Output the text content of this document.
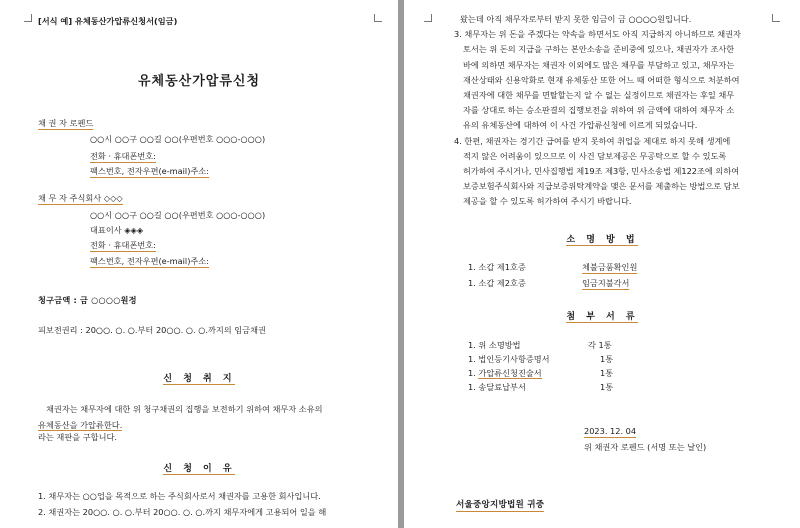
[서식 예] 유체동산가압류신청서(임금)
유체동산가압류신청
채 권 자 로펜드
○○시 ○○구 ○○길 ○○(우편번호 ○○○-○○○)
전화 · 휴대폰번호:
팩스번호, 전자우편(e-mail)주소:
채 무 자 주식회사 ◇◇◇
○○시 ○○구 ○○길 ○○(우편번호 ○○○-○○○)
대표이사 ◈◈◈
전화 · 휴대폰번호:
팩스번호, 전자우편(e-mail)주소:
청구금액 : 금 ○○○○원정
피보전권리 : 20○○. ○. ○.부터 20○○. ○. ○.까지의 임금채권
신 청 취 지
채권자는 채무자에 대한 위 청구채권의 집행을 보전하기 위하여 채무자 소유의
유체동산을 가압류한다.
라는 재판을 구합니다.
신 청 이 유
1. 채무자는 ○○업을 목적으로 하는 주식회사로서 채권자를 고용한 회사입니다.
2. 채권자는 20○○. ○. ○.부터 20○○. ○. ○.까지 채무자에게 고용되어 일을 해
왔는데 아직 채무자로부터 받지 못한 임금이 금 ○○○○원입니다.
3. 채무자는 위 돈을 주겠다는 약속을 하면서도 아직 지급하지 아니하므로 채권자
토서는 위 돈의 지급을 구하는 본안소송을 준비중에 있으나, 채권자가 조사한
바에 의하면 채무자는 채권자 이외에도 많은 채무를 부담하고 있고, 채무자는
재산상태와 신용악화로 현재 유체동산 또한 어느 때 어떠한 형식으로 처분하여
채권자에 대한 채무를 면탈할는지 알 수 없는 실정이므로 채권자는 후일 채무
자를 상대로 하는 승소판결의 집행보전을 위하여 위 금액에 대하여 채무자 소
유의 유체동산에 대하여 이 사건 가압류신청에 이르게 되었습니다.
4. 한편, 채권자는 경기간 급여를 받지 못하여 취업을 제대로 하지 못해 생계에
적지 않은 어려움이 있으므로 이 사건 담보제공은 무공탁으로 할 수 있도록
허가하여 주시거나, 민사집행법 제19조 제3항, 민사소송법 제122조에 의하여
보증보험주식회사와 지급보증위탁계약을 맺은 문서를 제출하는 방법으로 담보
제공을 할 수 있도록 허가하여 주시기 바랍니다.
소 명 방 법
1. 소갑 제1호증	체불금품확인원
1. 소갑 제2호증	임금지불각서
첨 부 서 류
1. 위 소명방법	각 1통
1. 법인등기사항증명서	1통
1. 가압류신청진술서	1통
1. 송달료납부서	1통
2023. 12. 04
위 채권자 로펜드 (서명 또는 날인)
서울중앙지방법원 귀중
